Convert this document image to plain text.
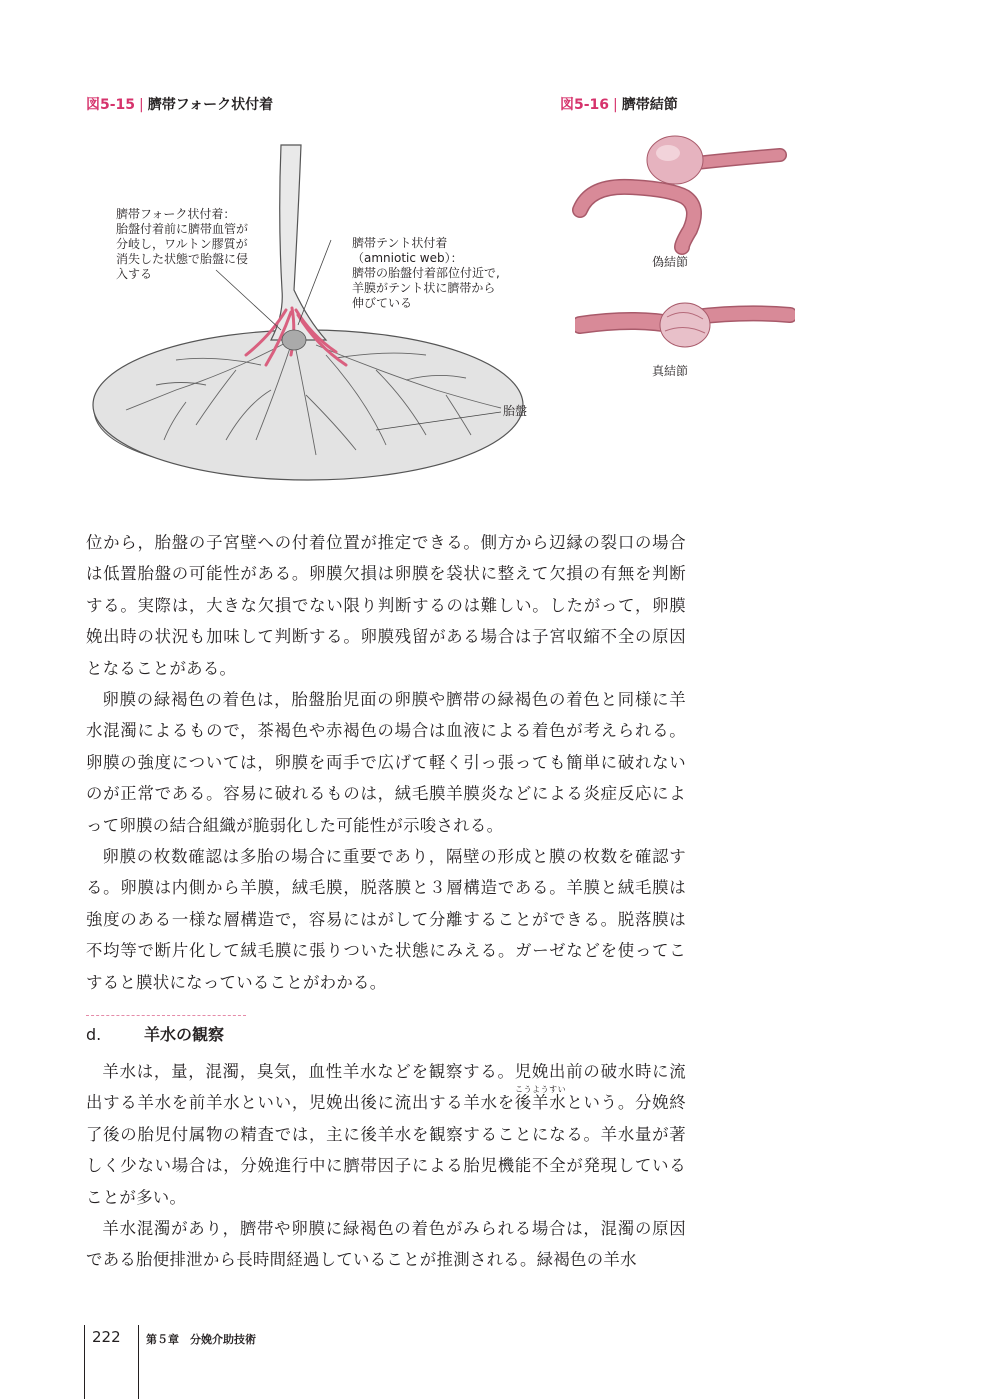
図5-15 | 臍帯フォーク状付着	図5-16 | 臍帯結節
臍帯フォーク状付着：
胎盤付着前に臍帯血管が
分岐し，ワルトン膠質が
消失した状態で胎盤に侵
入する
臍帯テント状付着
（amniotic web）：
臍帯の胎盤付着部位付近で,
羊膜がテント状に臍帯から
伸びている
胎盤
偽結節
真結節

位から，胎盤の子宮壁への付着位置が推定できる。側方から辺縁の裂口の場合は低置胎盤の可能性がある。卵膜欠損は卵膜を袋状に整えて欠損の有無を判断する。実際は，大きな欠損でない限り判断するのは難しい。したがって，卵膜娩出時の状況も加味して判断する。卵膜残留がある場合は子宮収縮不全の原因となることがある。

卵膜の緑褐色の着色は，胎盤胎児面の卵膜や臍帯の緑褐色の着色と同様に羊水混濁によるもので，茶褐色や赤褐色の場合は血液による着色が考えられる。卵膜の強度については，卵膜を両手で広げて軽く引っ張っても簡単に破れないのが正常である。容易に破れるものは，絨毛膜羊膜炎などによる炎症反応によって卵膜の結合組織が脆弱化した可能性が示唆される。

卵膜の枚数確認は多胎の場合に重要であり，隔壁の形成と膜の枚数を確認する。卵膜は内側から羊膜，絨毛膜，脱落膜と３層構造である。羊膜と絨毛膜は強度のある一様な層構造で，容易にはがして分離することができる。脱落膜は不均等で断片化して絨毛膜に張りついた状態にみえる。ガーゼなどを使ってこすると膜状になっていることがわかる。

d.	羊水の観察

羊水は，量，混濁，臭気，血性羊水などを観察する。児娩出前の破水時に流出する羊水を前羊水といい，児娩出後に流出する羊水を後羊水こうようすいという。分娩終了後の胎児付属物の精査では，主に後羊水を観察することになる。羊水量が著しく少ない場合は，分娩進行中に臍帯因子による胎児機能不全が発現していることが多い。

羊水混濁があり，臍帯や卵膜に緑褐色の着色がみられる場合は，混濁の原因である胎便排泄から長時間経過していることが推測される。緑褐色の羊水

222 第５章　分娩介助技術
